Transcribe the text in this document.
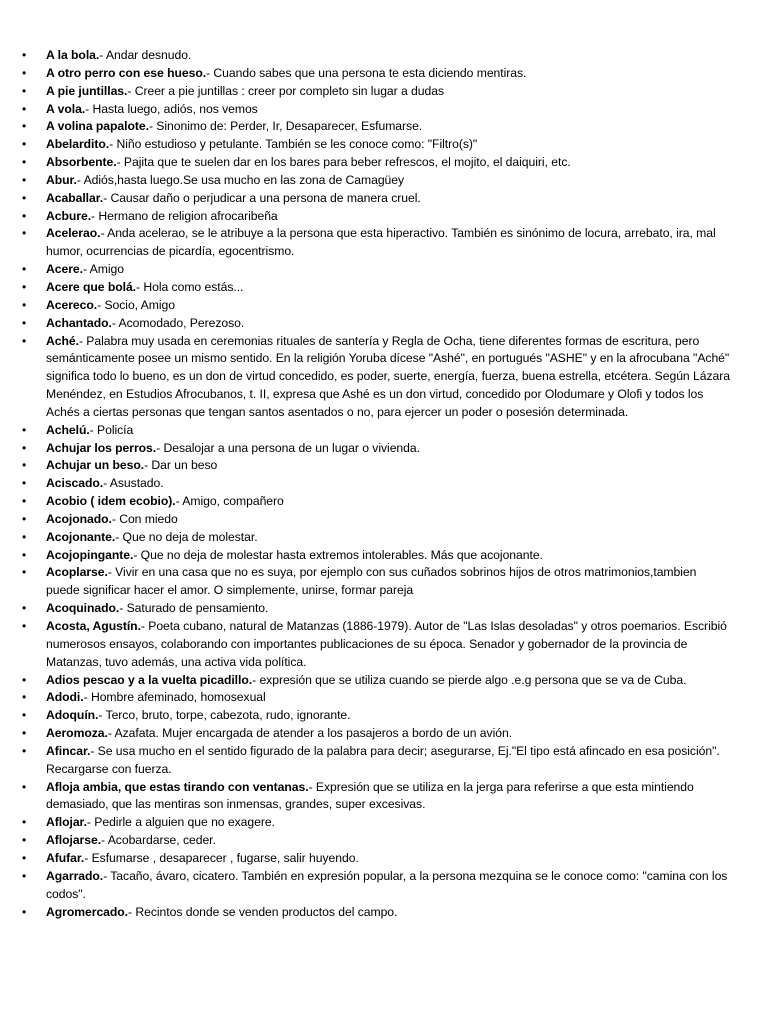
• A la bola.- Andar desnudo.
• A otro perro con ese hueso.- Cuando sabes que una persona te esta diciendo mentiras.
• A pie juntillas.- Creer a pie juntillas : creer por completo sin lugar a dudas
• A vola.- Hasta luego, adiós, nos vemos
• A volina papalote.- Sinonimo de: Perder, Ir, Desaparecer, Esfumarse.
• Abelardito.- Niño estudioso y petulante. También se les conoce como: "Filtro(s)"
• Absorbente.- Pajita que te suelen dar en los bares para beber refrescos, el mojito, el daiquiri, etc.
• Abur.- Adiós,hasta luego.Se usa mucho en las zona de Camagüey
• Acaballar.- Causar daño o perjudicar a una persona de manera cruel.
• Acbure.- Hermano de religion afrocaribeña
• Acelerao.- Anda acelerao, se le atribuye a la persona que esta hiperactivo. También es sinónimo de locura, arrebato, ira, mal humor, ocurrencias de picardía, egocentrismo.
• Acere.- Amigo
• Acere que bolá.- Hola como estás...
• Acereco.- Socio, Amigo
• Achantado.- Acomodado, Perezoso.
• Aché.- Palabra muy usada en ceremonias rituales de santería y Regla de Ocha, tiene diferentes formas de escritura, pero semánticamente posee un mismo sentido. En la religión Yoruba dícese "Ashé", en portugués "ASHE" y en la afrocubana "Aché" significa todo lo bueno, es un don de virtud concedido, es poder, suerte, energía, fuerza, buena estrella, etcétera. Según Lázara Menéndez, en Estudios Afrocubanos, t. II, expresa que Ashé es un don virtud, concedido por Olodumare y Olofi y todos los Achés a ciertas personas que tengan santos asentados o no, para ejercer un poder o posesión determinada.
• Achelú.- Policía
• Achujar los perros.- Desalojar a una persona de un lugar o vivienda.
• Achujar un beso.- Dar un beso
• Aciscado.- Asustado.
• Acobio ( idem ecobio).- Amigo, compañero
• Acojonado.- Con miedo
• Acojonante.- Que no deja de molestar.
• Acojopingante.- Que no deja de molestar hasta extremos intolerables. Más que acojonante.
• Acoplarse.- Vivir en una casa que no es suya, por ejemplo con sus cuñados sobrinos hijos de otros matrimonios,tambien puede significar hacer el amor. O simplemente, unirse, formar pareja
• Acoquinado.- Saturado de pensamiento.
• Acosta, Agustín.- Poeta cubano, natural de Matanzas (1886-1979). Autor de "Las Islas desoladas" y otros poemarios. Escribió numerosos ensayos, colaborando con importantes publicaciones de su época. Senador y gobernador de la provincia de Matanzas, tuvo además, una activa vida política.
• Adios pescao y a la vuelta picadillo.- expresión que se utiliza cuando se pierde algo .e.g persona que se va de Cuba.
• Adodi.- Hombre afeminado, homosexual
• Adoquín.- Terco, bruto, torpe, cabezota, rudo, ignorante.
• Aeromoza.- Azafata. Mujer encargada de atender a los pasajeros a bordo de un avión.
• Afincar.- Se usa mucho en el sentido figurado de la palabra para decir; asegurarse, Ej."El tipo está afincado en esa posición". Recargarse con fuerza.
• Afloja ambia, que estas tirando con ventanas.- Expresión que se utiliza en la jerga para referirse a que esta mintiendo demasiado, que las mentiras son inmensas, grandes, super excesivas.
• Aflojar.- Pedirle a alguien que no exagere.
• Aflojarse.- Acobardarse, ceder.
• Afufar.- Esfumarse , desaparecer , fugarse, salir huyendo.
• Agarrado.- Tacaño, ávaro, cicatero. También en expresión popular, a la persona mezquina se le conoce como: "camina con los codos".
• Agromercado.- Recintos donde se venden productos del campo.
